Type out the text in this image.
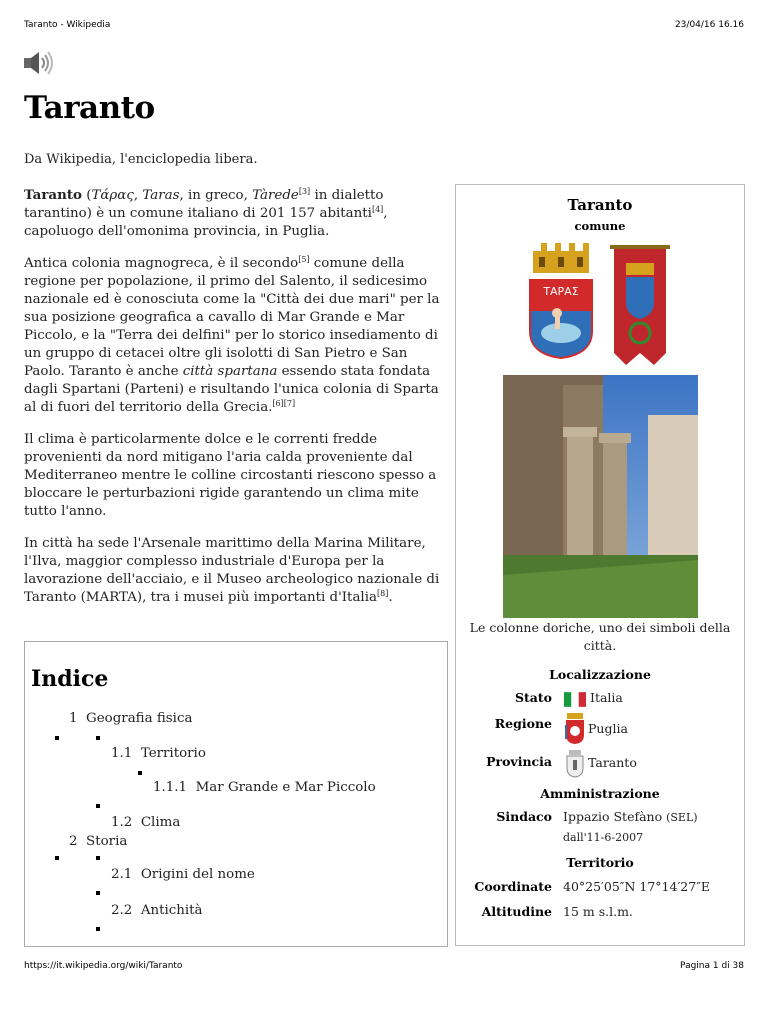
Taranto - Wikipedia	23/04/16 16.16
Taranto
Da Wikipedia, l'enciclopedia libera.

Taranto (Τάρας, Taras, in greco, Tàrede[3] in dialetto tarantino) è un comune italiano di 201 157 abitanti[4], capoluogo dell'omonima provincia, in Puglia.

Antica colonia magnogreca, è il secondo[5] comune della regione per popolazione, il primo del Salento, il sedicesimo nazionale ed è conosciuta come la "Città dei due mari" per la sua posizione geografica a cavallo di Mar Grande e Mar Piccolo, e la "Terra dei delfini" per lo storico insediamento di un gruppo di cetacei oltre gli isolotti di San Pietro e San Paolo. Taranto è anche città spartana essendo stata fondata dagli Spartani (Parteni) e risultando l'unica colonia di Sparta al di fuori del territorio della Grecia.[6][7]

Il clima è particolarmente dolce e le correnti fredde provenienti da nord mitigano l'aria calda proveniente dal Mediterraneo mentre le colline circostanti riescono spesso a bloccare le perturbazioni rigide garantendo un clima mite tutto l'anno.

In città ha sede l'Arsenale marittimo della Marina Militare, l'Ilva, maggior complesso industriale d'Europa per la lavorazione dell'acciaio, e il Museo archeologico nazionale di Taranto (MARTA), tra i musei più importanti d'Italia[8].

Indice
1 Geografia fisica
1.1 Territorio
1.1.1 Mar Grande e Mar Piccolo
1.2 Clima
2 Storia
2.1 Origini del nome
2.2 Antichità
Taranto
comune
ΤΑΡΑΣ
Le colonne doriche, uno dei simboli della città.
Localizzazione
Stato	Italia
Regione	Puglia
Provincia	Taranto
Amministrazione
Sindaco Ippazio Stefàno (SEL)
dall'11-6-2007
Territorio
Coordinate 40°25′05″N 17°14′27″E
Altitudine 15 m s.l.m.
https://it.wikipedia.org/wiki/Taranto	Pagina 1 di 38
